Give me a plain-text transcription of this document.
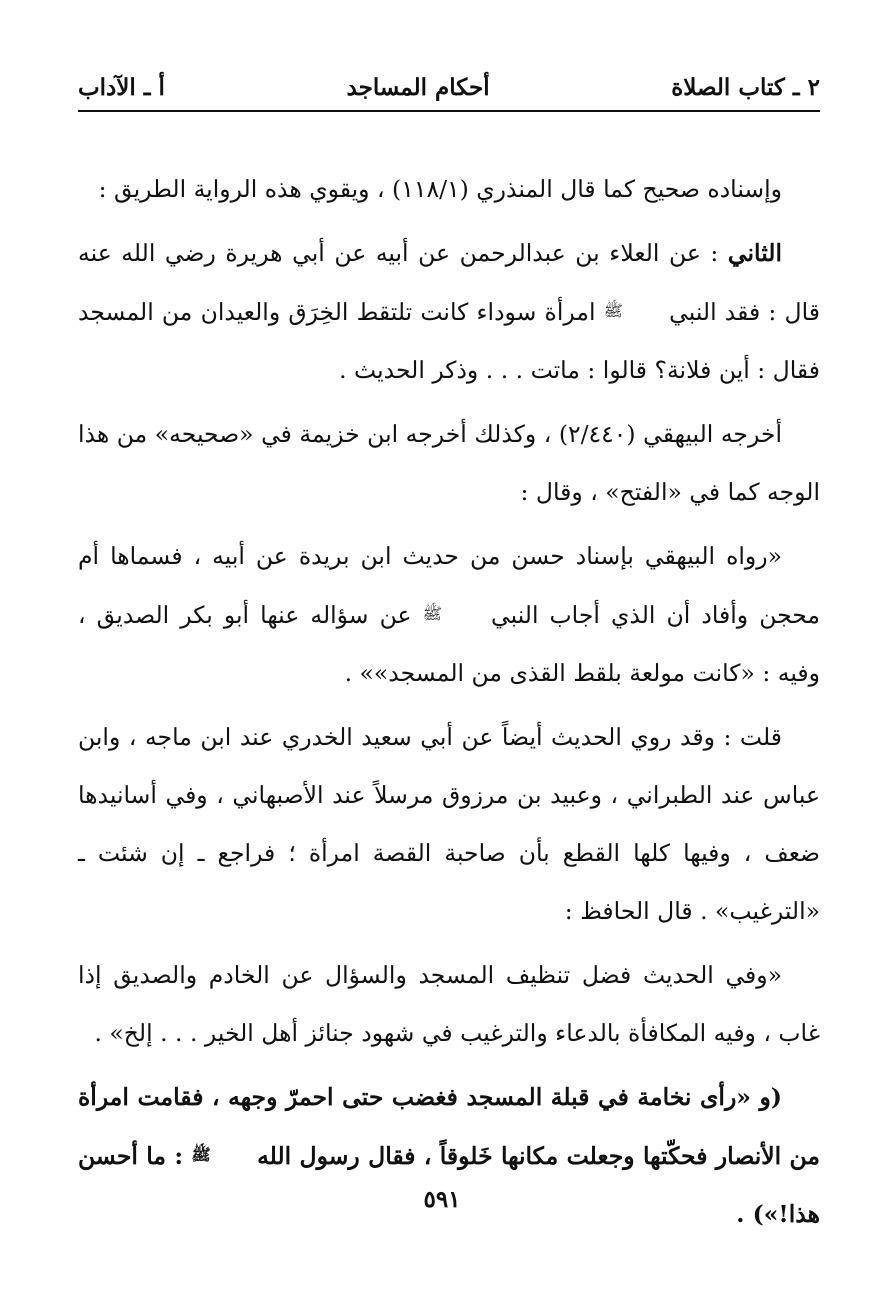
٢ ـ كتاب الصلاة
أحكام المساجد
أ ـ الآداب

وإسناده صحيح كما قال المنذري (١١٨/١) ، ويقوي هذه الرواية الطريق :

الثاني : عن العلاء بن عبدالرحمن عن أبيه عن أبي هريرة رضي الله عنه قال : فقد النبي ﷺ امرأة سوداء كانت تلتقط الخِرَق والعيدان من المسجد فقال : أين فلانة؟ قالوا : ماتت . . . وذكر الحديث .

أخرجه البيهقي (٢/٤٤٠) ، وكذلك أخرجه ابن خزيمة في «صحيحه» من هذا الوجه كما في «الفتح» ، وقال :

«رواه البيهقي بإسناد حسن من حديث ابن بريدة عن أبيه ، فسماها أم محجن وأفاد أن الذي أجاب النبي ﷺ عن سؤاله عنها أبو بكر الصديق ، وفيه : «كانت مولعة بلقط القذى من المسجد»» .

قلت : وقد روي الحديث أيضاً عن أبي سعيد الخدري عند ابن ماجه ، وابن عباس عند الطبراني ، وعبيد بن مرزوق مرسلاً عند الأصبهاني ، وفي أسانيدها ضعف ، وفيها كلها القطع بأن صاحبة القصة امرأة ؛ فراجع ـ إن شئت ـ «الترغيب» . قال الحافظ :

«وفي الحديث فضل تنظيف المسجد والسؤال عن الخادم والصديق إذا غاب ، وفيه المكافأة بالدعاء والترغيب في شهود جنائز أهل الخير . . . إلخ» .

(و «رأى نخامة في قبلة المسجد فغضب حتى احمرّ وجهه ، فقامت امرأة من الأنصار فحكّتها وجعلت مكانها خَلوقاً ، فقال رسول الله ﷺ : ما أحسن هذا!») .

٥٩١
